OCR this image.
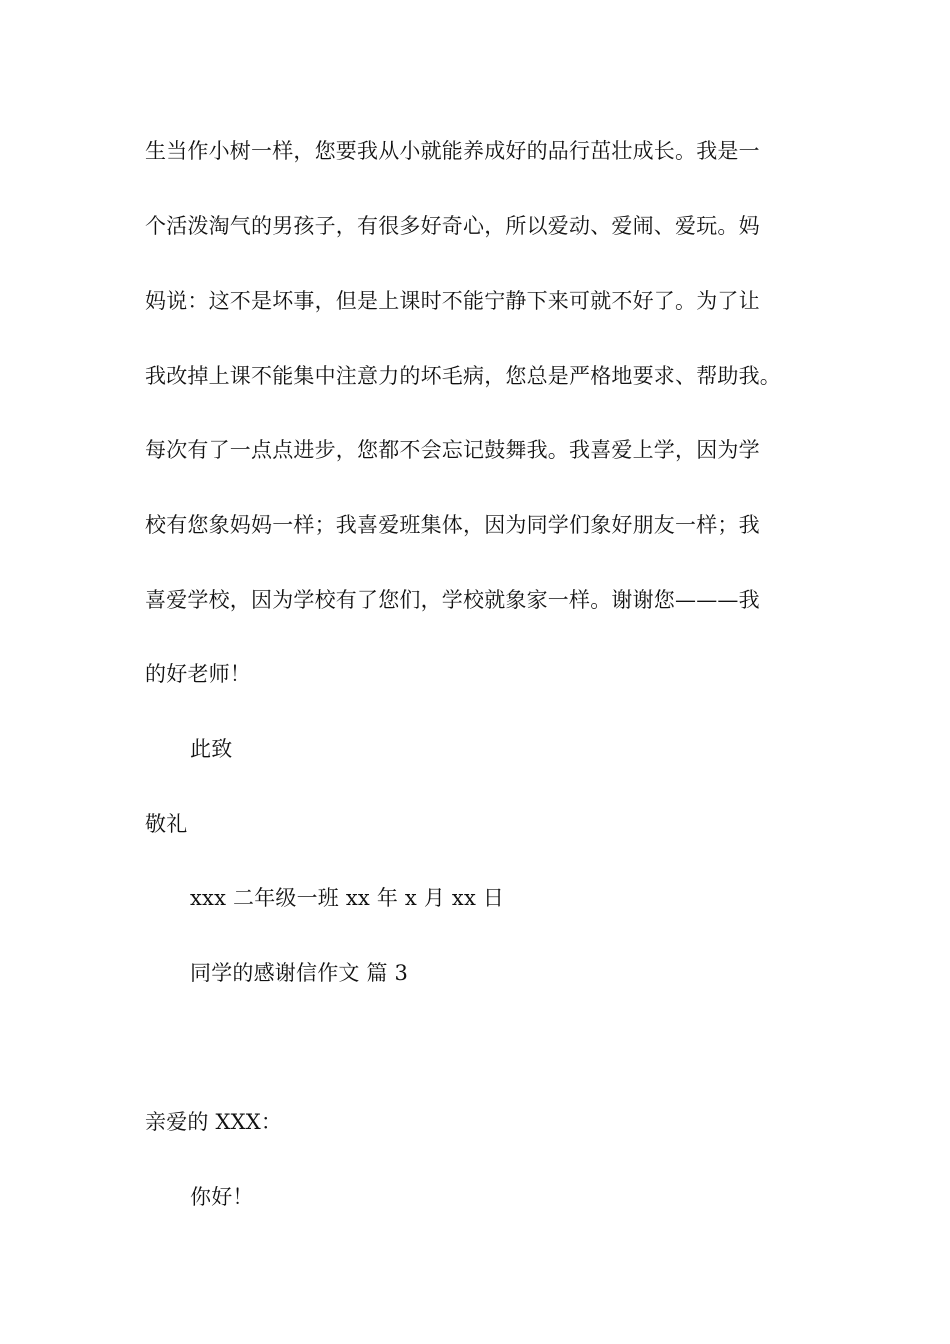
生当作小树一样，您要我从小就能养成好的品行茁壮成长。我是一
个活泼淘气的男孩子，有很多好奇心，所以爱动、爱闹、爱玩。妈
妈说：这不是坏事，但是上课时不能宁静下来可就不好了。为了让
我改掉上课不能集中注意力的坏毛病，您总是严格地要求、帮助我。
每次有了一点点进步，您都不会忘记鼓舞我。我喜爱上学，因为学
校有您象妈妈一样；我喜爱班集体，因为同学们象好朋友一样；我
喜爱学校，因为学校有了您们，学校就象家一样。谢谢您———我
的好老师！
此致
敬礼
xxx 二年级一班 xx 年 x 月 xx 日
同学的感谢信作文 篇 3
亲爱的 XXX：
你好！
